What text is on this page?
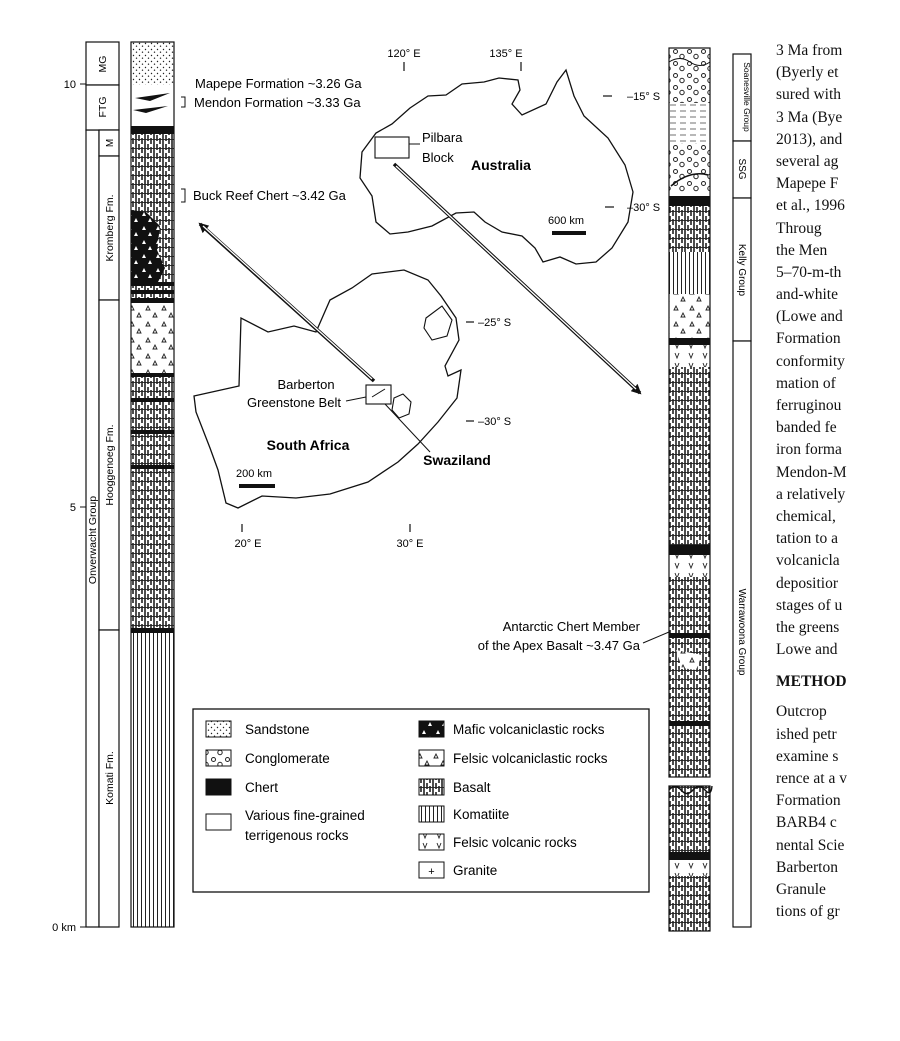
10
5
0 km
Onverwacht Group
MG
FTG
M
Kromberg Fm.
Hooggenoeg Fm.
Komati Fm.
Mapepe Formation ~3.26 Ga
Mendon Formation ~3.33 Ga
Buck Reef Chert ~3.42 Ga
Pilbara
Block Australia
120° E	135° E
–15° S
–30° S
600 km
Barberton
Greenstone Belt
South Africa
Swaziland
–25° S
–30° S
20° E	30° E
200 km
Soanesville Group
SSG
Kelly Group
Warrawoona Group
Antarctic Chert Member
of the Apex Basalt ~3.47 Ga
Sandstone
Conglomerate
Chert
Various fine-grained
terrigenous rocks
Mafic volcaniclastic rocks
Felsic volcaniclastic rocks
Basalt
Komatiite
Felsic volcanic rocks
+ Granite
3 Ma from
(Byerly et
sured with
3 Ma (Bye
2013), and
several ag
Mapepe F
et al., 1996
Throug
the Men
5–70-m-th
and-white
(Lowe and
Formation
conformity
mation of
ferruginou
banded fe
iron forma
Mendon-M
a relatively
chemical,
tation to a
volcanicla
depositior
stages of u
the greens
Lowe and
METHOD
Outcrop
ished petr
examine s
rence at a v
Formation
BARB4 c
nental Scie
Barberton
Granule
tions of gr
